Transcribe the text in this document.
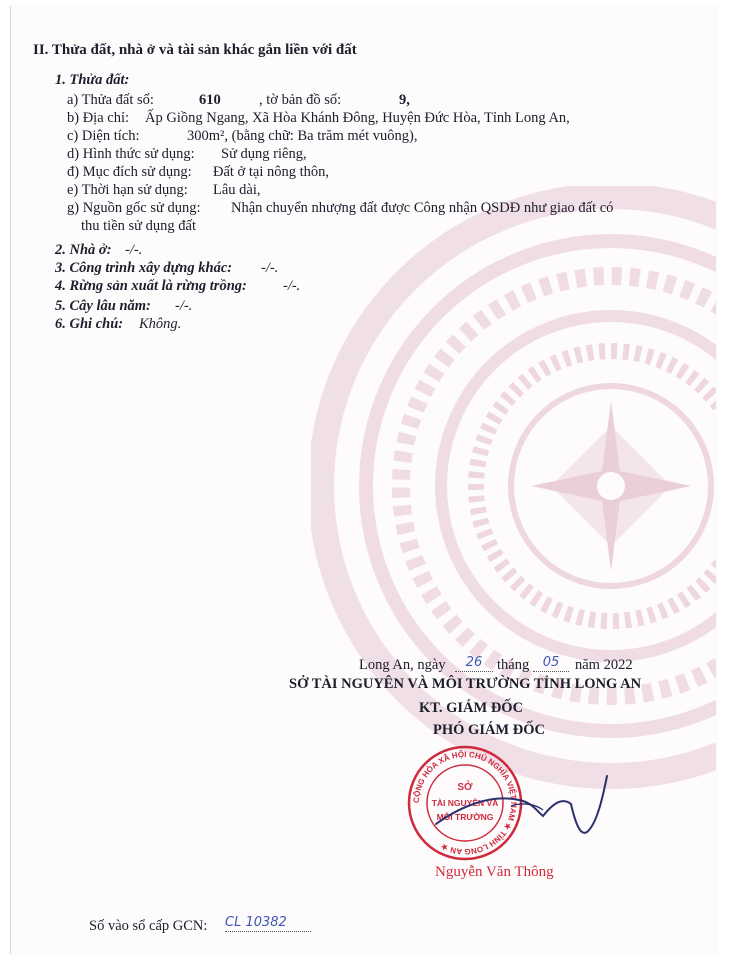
II. Thửa đất, nhà ở và tài sản khác gắn liền với đất
1. Thửa đất:
a) Thửa đất số:	610	, tờ bản đồ số:	9,
b) Địa chỉ: Ấp Giồng Ngang, Xã Hòa Khánh Đông, Huyện Đức Hòa, Tỉnh Long An,
c) Diện tích:	300m², (bằng chữ: Ba trăm mét vuông),
d) Hình thức sử dụng: Sử dụng riêng,
đ) Mục đích sử dụng: Đất ở tại nông thôn,
e) Thời hạn sử dụng: Lâu dài,
g) Nguồn gốc sử dụng: Nhận chuyển nhượng đất được Công nhận QSDĐ như giao đất có
thu tiền sử dụng đất
2. Nhà ở: -/-.
3. Công trình xây dựng khác: -/-.
4. Rừng sản xuất là rừng trồng: -/-.
5. Cây lâu năm: -/-.
6. Ghi chú: Không.
Long An, ngày	26	tháng	05	năm 2022
SỞ TÀI NGUYÊN VÀ MÔI TRƯỜNG TỈNH LONG AN
KT. GIÁM ĐỐC
PHÓ GIÁM ĐỐC
CỘNG HÒA XÃ HỘI CHỦ NGHĨA VIỆT NAM ★ TỈNH LONG AN ★
SỞ
TÀI NGUYÊN VÀ
MÔI TRƯỜNG
Nguyễn Văn Thông
Số vào sổ cấp GCN: CL 10382
